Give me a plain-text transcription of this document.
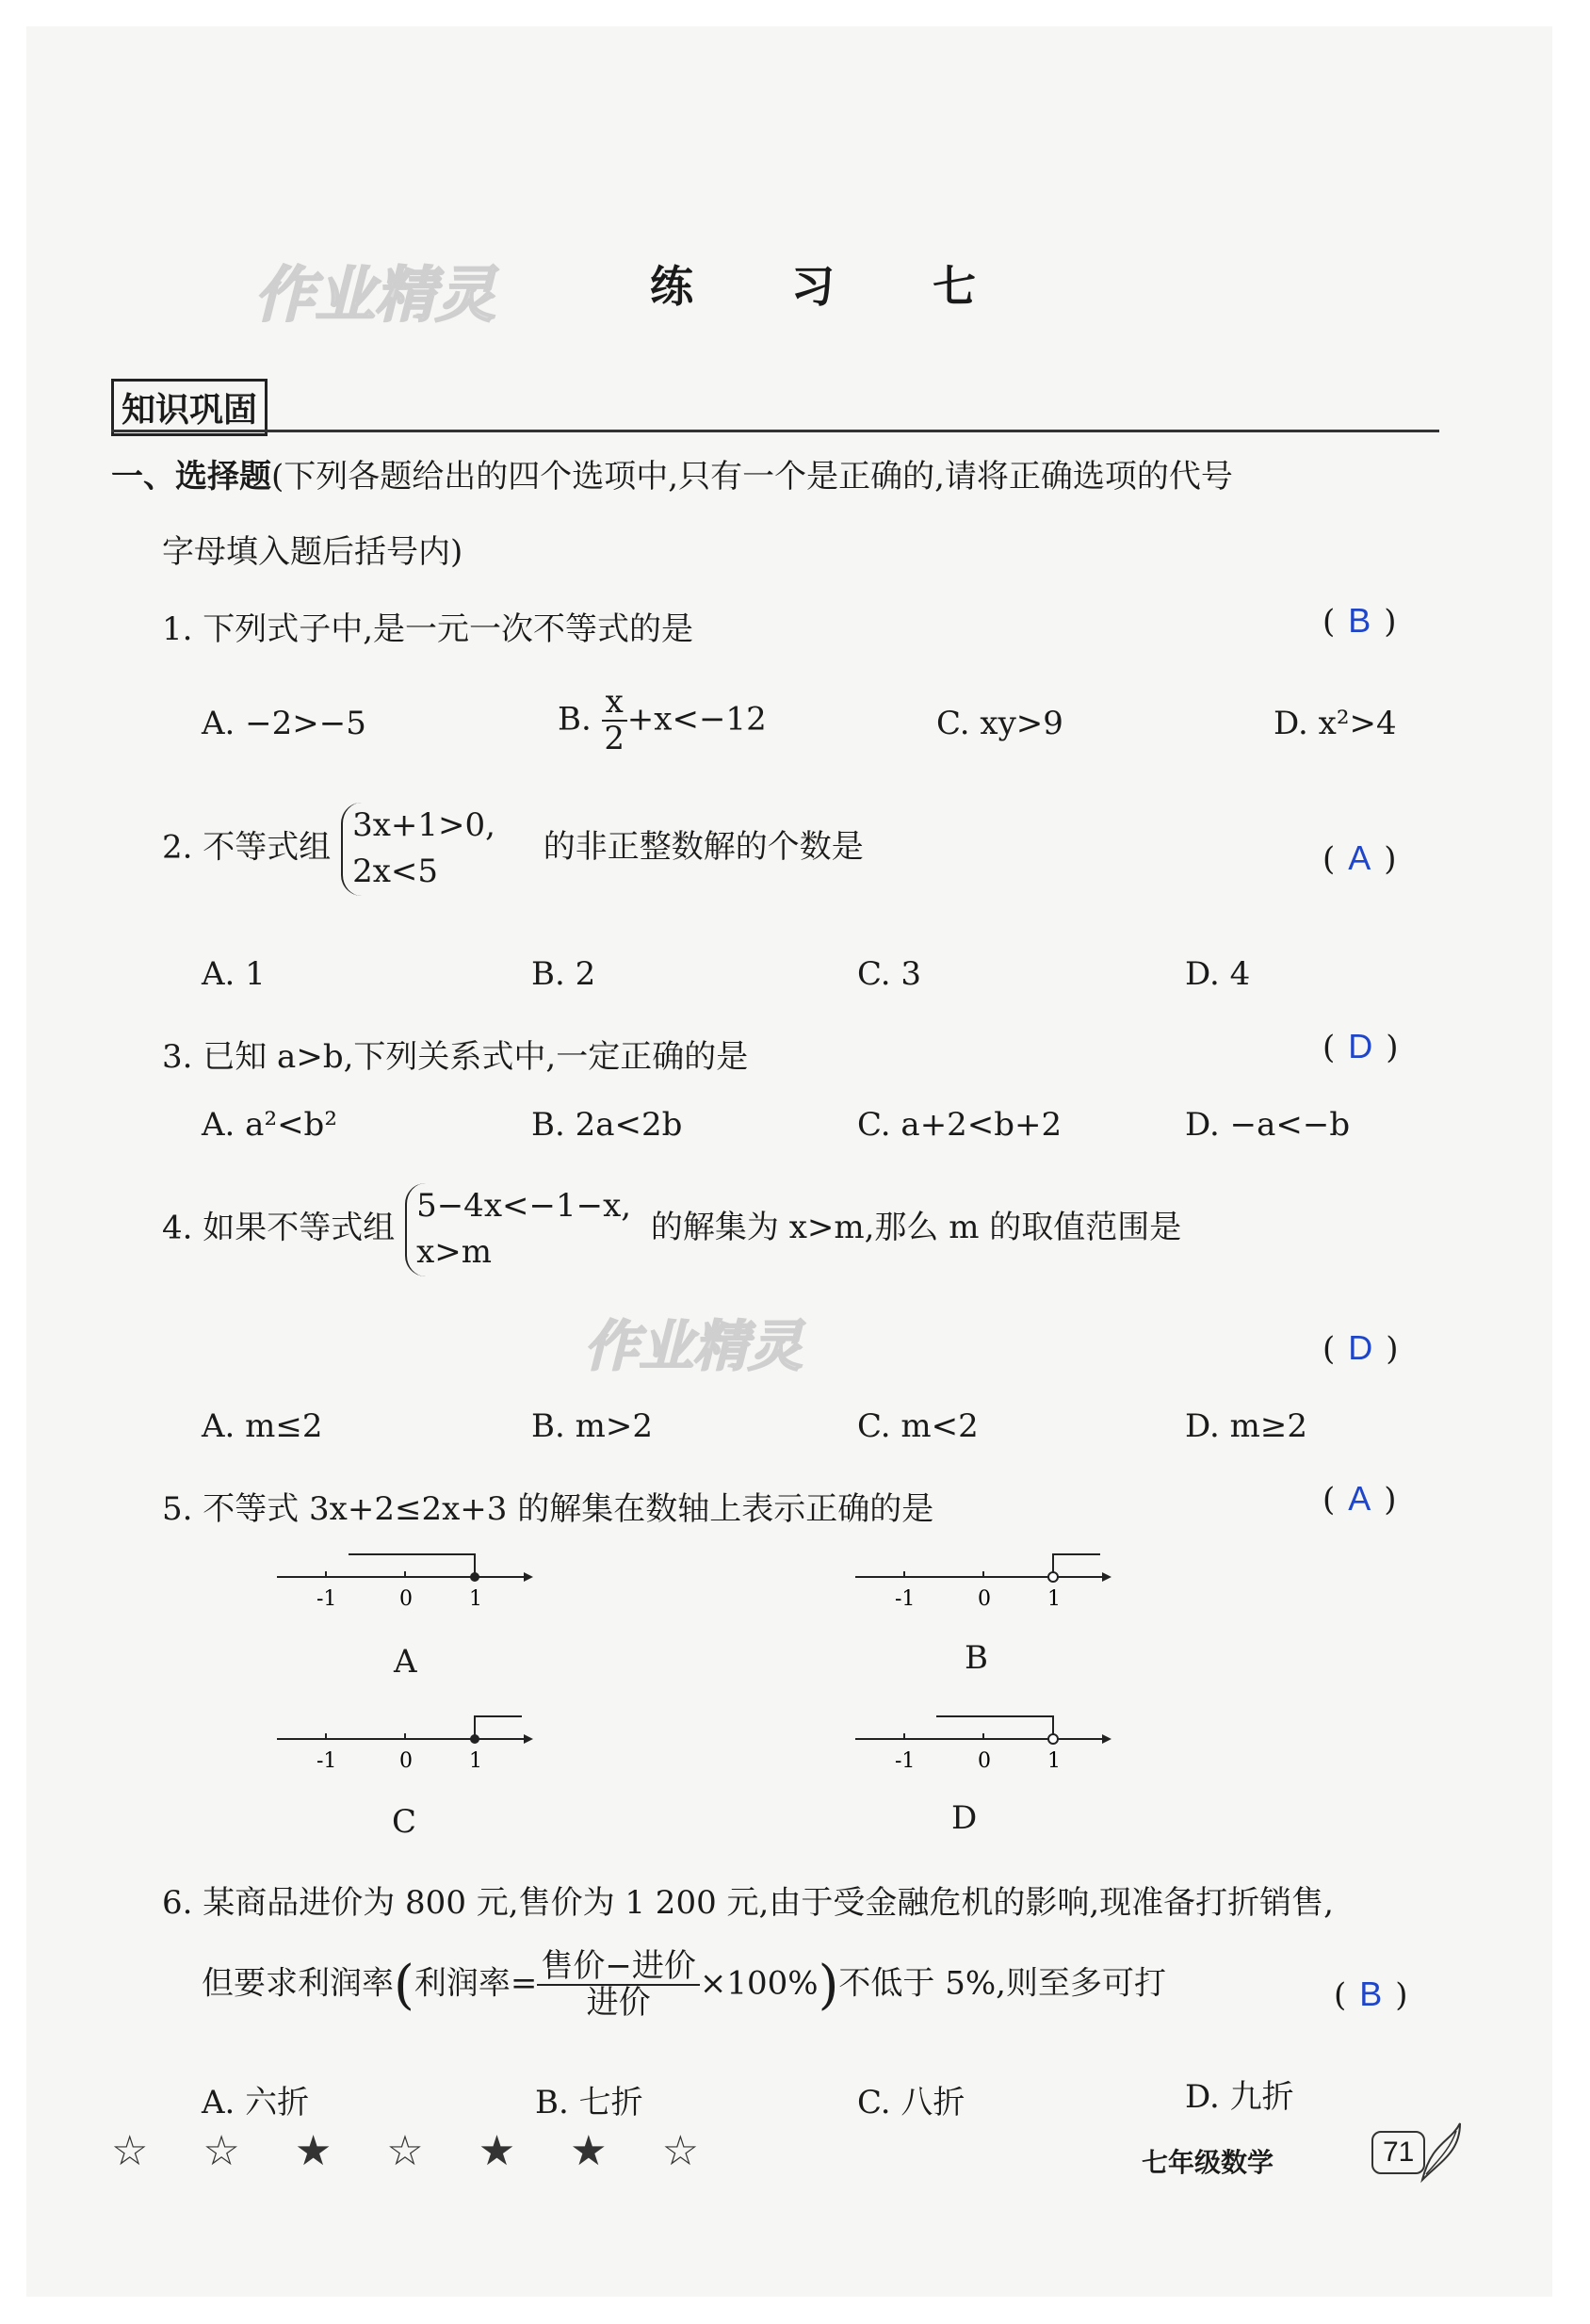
作业精灵	练 习 七
知识巩固
一、选择题(下列各题给出的四个选项中,只有一个是正确的,请将正确选项的代号
字母填入题后括号内)
1. 下列式子中,是一元一次不等式的是	( B )
A. −2>−5	B. $\frac{x}{2} +x<-12$	C. xy>9	D. x²>4
2. 不等式组
3x+1>0,
2x<5
的非正整数解的个数是	( A )
A. 1	B. 2	C. 3	D. 4
3. 已知 a>b,下列关系式中,一定正确的是	( D )
A. a²<b²	B. 2a<2b	C. a+2<b+2	D. −a<−b
4. 如果不等式组
5−4x<−1−x,
x>m
的解集为 x>m,那么 m 的取值范围是
作业精灵	( D )
A. m≤2	B. m>2	C. m<2	D. m≥2
5. 不等式 3x+2≤2x+3 的解集在数轴上表示正确的是	( A )
-1	0	1
A
-1	0	1
B
-1	0	1
C
-1	0	1
D
6. 某商品进价为 800 元,售价为 1 200 元,由于受金融危机的影响,现准备打折销售,
但要求利润率(利润率= $\frac{\text{售价−进价}}{\text{进价}} \times 100\%$)不低于 5%,则至多可打	( B )
A. 六折	B. 七折	C. 八折	D. 九折
☆ ☆ ★ ☆ ★ ★ ☆	七年级数学	71
